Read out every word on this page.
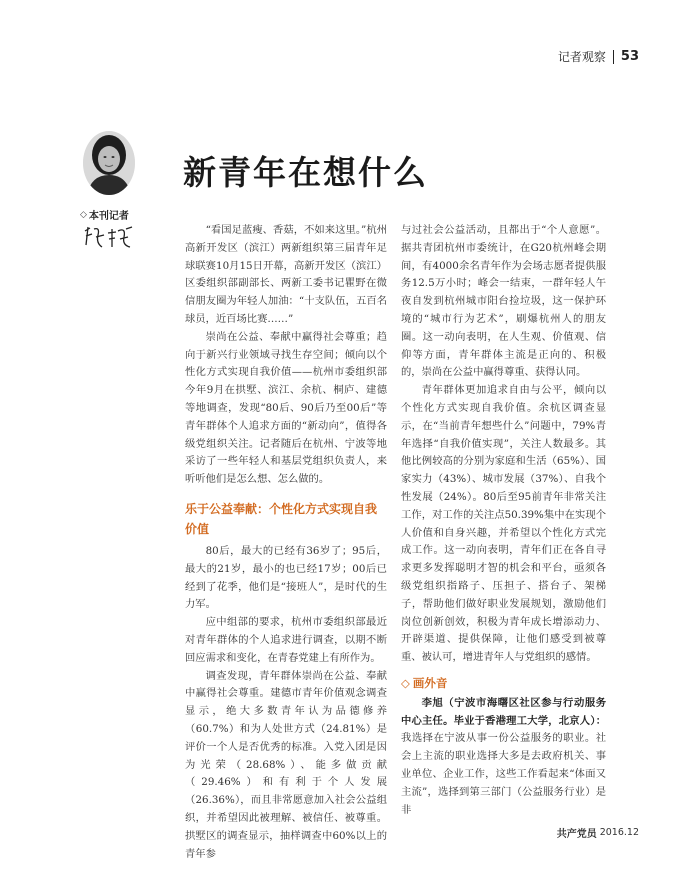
记者观察 53
◇ 本刊记者
新青年在想什么

“看国足蓝瘦、香菇，不如来这里。”杭州高新开发区（滨江）两新组织第三届青年足球联赛10月15日开幕，高新开发区（滨江）区委组织部副部长、两新工委书记瞿野在微信朋友圈为年轻人加油：“十支队伍，五百名球员，近百场比赛……”

崇尚在公益、奉献中赢得社会尊重；趋向于新兴行业领域寻找生存空间；倾向以个性化方式实现自我价值——杭州市委组织部今年9月在拱墅、滨江、余杭、桐庐、建德等地调查，发现“80后、90后乃至00后”等青年群体个人追求方面的“新动向”，值得各级党组织关注。记者随后在杭州、宁波等地采访了一些年轻人和基层党组织负责人，来听听他们是怎么想、怎么做的。

乐于公益奉献：个性化方式实现自我价值

80后，最大的已经有36岁了；95后，最大的21岁，最小的也已经17岁；00后已经到了花季，他们是“接班人”，是时代的生力军。

应中组部的要求，杭州市委组织部最近对青年群体的个人追求进行调查，以期不断回应需求和变化，在青春党建上有所作为。

调查发现，青年群体崇尚在公益、奉献中赢得社会尊重。建德市青年价值观念调查显示，绝大多数青年认为品德修养（60.7%）和为人处世方式（24.81%）是评价一个人是否优秀的标准。入党入团是因为光荣（28.68%）、能多做贡献（29.46%）和有利于个人发展（26.36%），而且非常愿意加入社会公益组织，并希望因此被理解、被信任、被尊重。拱墅区的调查显示，抽样调查中60%以上的青年参

与过社会公益活动，且都出于“个人意愿”。据共青团杭州市委统计，在G20杭州峰会期间，有4000余名青年作为会场志愿者提供服务12.5万小时；峰会一结束，一群年轻人午夜自发到杭州城市阳台捡垃圾，这一保护环境的“城市行为艺术”，刷爆杭州人的朋友圈。这一动向表明，在人生观、价值观、信仰等方面，青年群体主流是正向的、积极的，崇尚在公益中赢得尊重、获得认同。

青年群体更加追求自由与公平，倾向以个性化方式实现自我价值。余杭区调查显示，在“当前青年想些什么”问题中，79%青年选择“自我价值实现”，关注人数最多。其他比例较高的分别为家庭和生活（65%）、国家实力（43%）、城市发展（37%）、自我个性发展（24%）。80后至95前青年非常关注工作，对工作的关注点50.39%集中在实现个人价值和自身兴趣，并希望以个性化方式完成工作。这一动向表明，青年们正在各自寻求更多发挥聪明才智的机会和平台，亟须各级党组织指路子、压担子、搭台子、架梯子，帮助他们做好职业发展规划，激励他们岗位创新创效，积极为青年成长增添动力、开辟渠道、提供保障，让他们感受到被尊重、被认可，增进青年人与党组织的感情。

◇ 画外音

李旭（宁波市海曙区社区参与行动服务中心主任。毕业于香港理工大学，北京人）：我选择在宁波从事一份公益服务的职业。社会上主流的职业选择大多是去政府机关、事业单位、企业工作，这些工作看起来“体面又主流”，选择到第三部门（公益服务行业）是非

共产党员 2016.12
